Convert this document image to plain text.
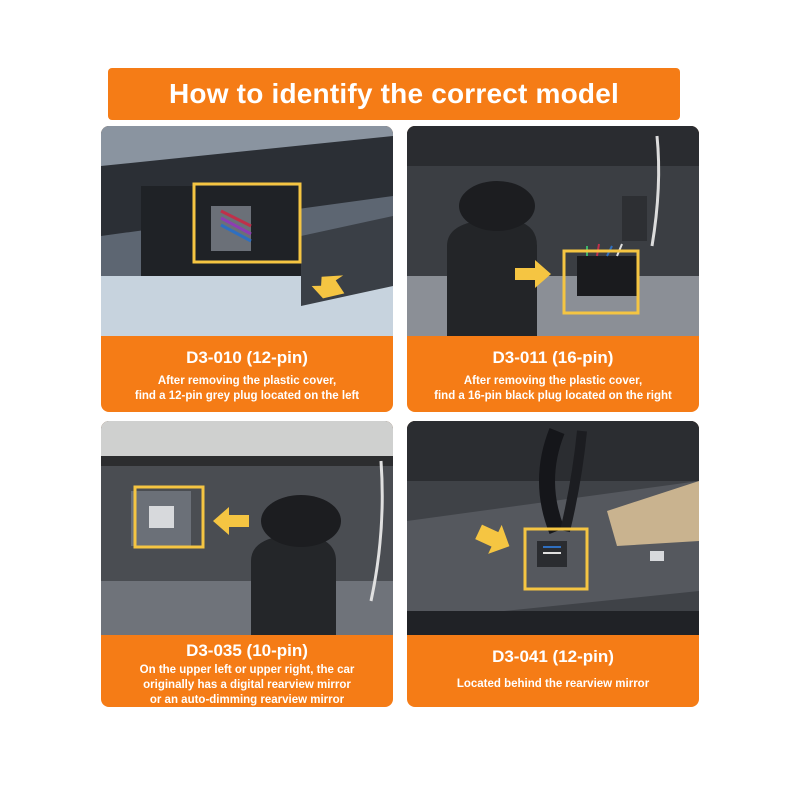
How to identify the correct model
D3-010 (12-pin)
After removing the plastic cover,
find a 12-pin grey plug located on the left
D3-011 (16-pin)
After removing the plastic cover,
find a 16-pin black plug located on the right
D3-035 (10-pin)
On the upper left or upper right, the car
originally has a digital rearview mirror
or an auto-dimming rearview mirror
D3-041 (12-pin)
Located behind the rearview mirror
